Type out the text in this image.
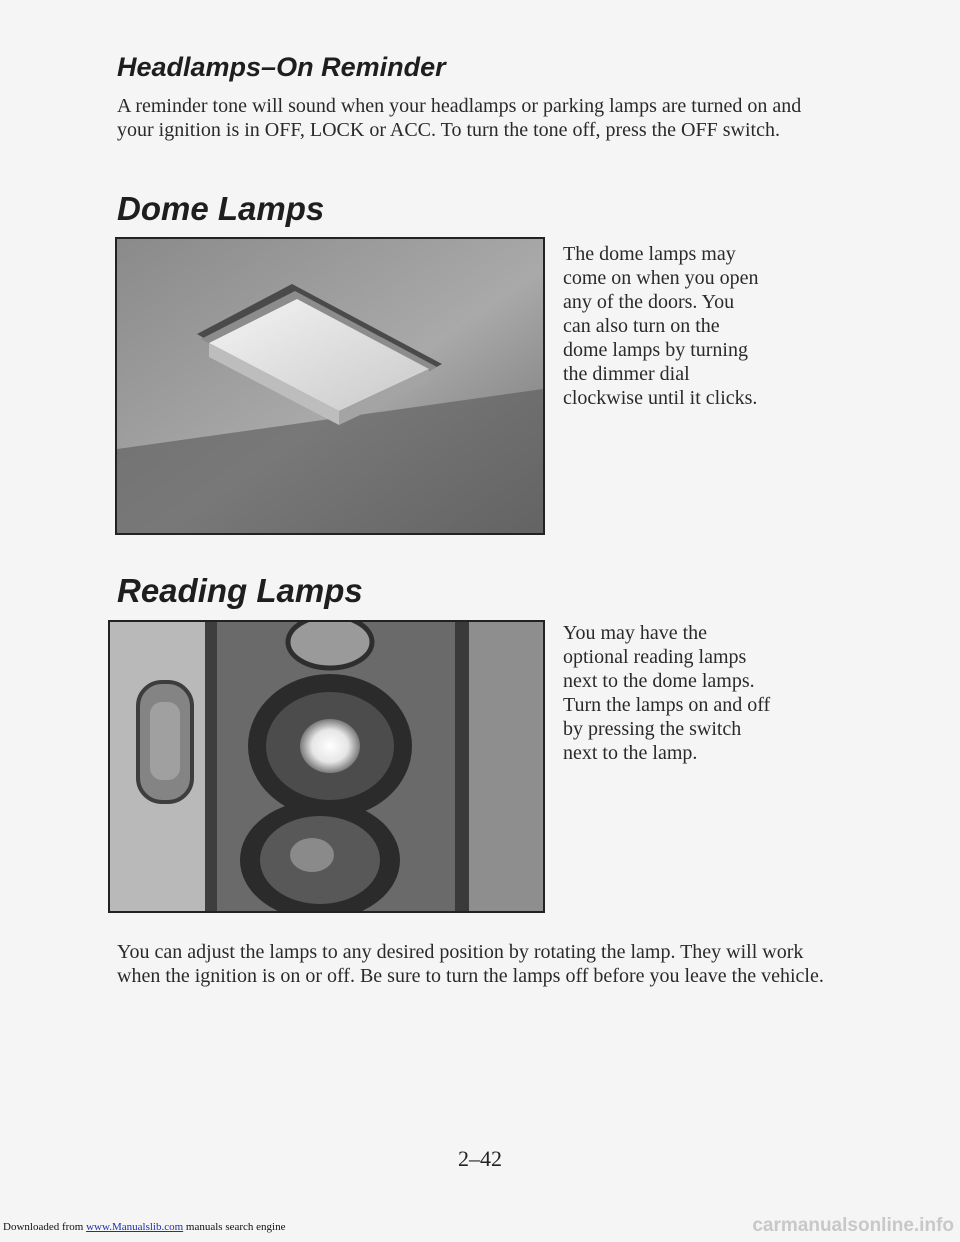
Headlamps–On Reminder

A reminder tone will sound when your headlamps or parking lamps are turned on and your ignition is in OFF, LOCK or ACC. To turn the tone off, press the OFF switch.

Dome Lamps

The dome lamps may come on when you open any of the doors. You can also turn on the dome lamps by turning the dimmer dial clockwise until it clicks.

Reading Lamps

You may have the optional reading lamps next to the dome lamps. Turn the lamps on and off by pressing the switch next to the lamp.

You can adjust the lamps to any desired position by rotating the lamp. They will work when the ignition is on or off. Be sure to turn the lamps off before you leave the vehicle.

2–42
Downloaded from www.Manualslib.com manuals search engine	carmanualsonline.info
